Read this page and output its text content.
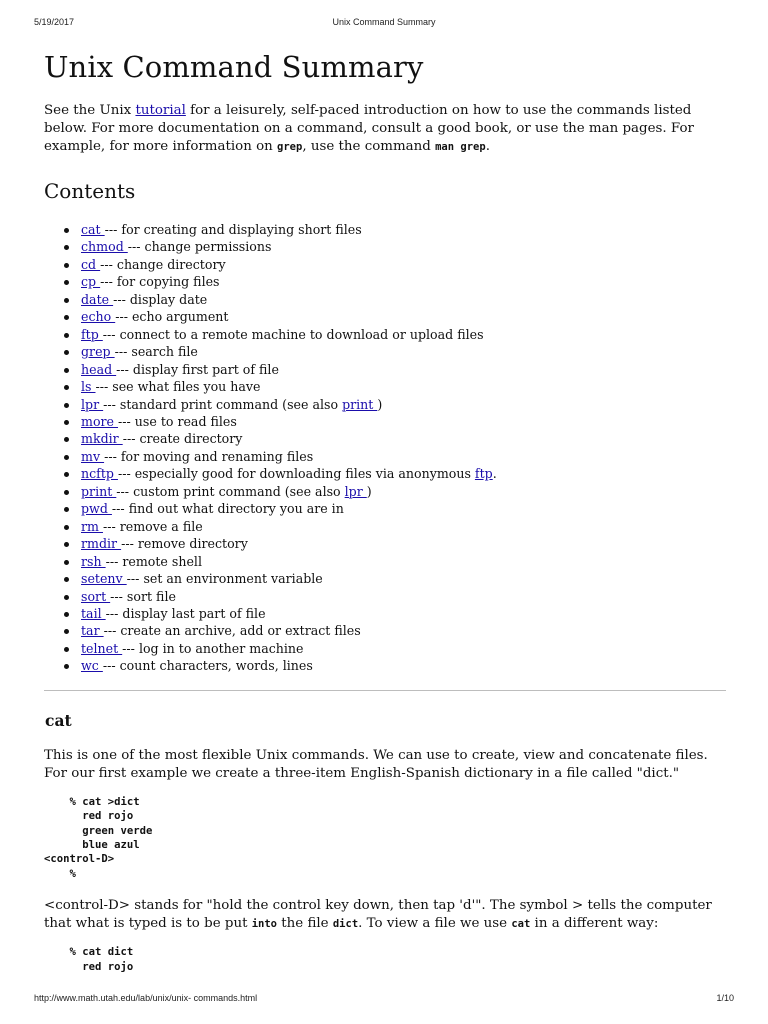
5/19/2017	Unix Command Summary
Unix Command Summary

See the Unix tutorial for a leisurely, self-paced introduction on how to use the commands listed below. For more documentation on a command, consult a good book, or use the man pages. For example, for more information on grep, use the command man grep.

Contents
cat --- for creating and displaying short files
chmod --- change permissions
cd --- change directory
cp --- for copying files
date --- display date
echo --- echo argument
ftp --- connect to a remote machine to download or upload files
grep --- search file
head --- display first part of file
ls --- see what files you have
lpr --- standard print command (see also print )
more --- use to read files
mkdir --- create directory
mv --- for moving and renaming files
ncftp --- especially good for downloading files via anonymous ftp.
print --- custom print command (see also lpr )
pwd --- find out what directory you are in
rm --- remove a file
rmdir --- remove directory
rsh --- remote shell
setenv --- set an environment variable
sort --- sort file
tail --- display last part of file
tar --- create an archive, add or extract files
telnet --- log in to another machine
wc --- count characters, words, lines
cat

This is one of the most flexible Unix commands. We can use to create, view and concatenate files. For our first example we create a three-item English-Spanish dictionary in a file called "dict."

% cat >dict
red rojo
green verde
blue azul
<control-D>
%

<control-D> stands for "hold the control key down, then tap 'd'". The symbol > tells the computer that what is typed is to be put into the file dict. To view a file we use cat in a different way:

% cat dict
red rojo
http://www.math.utah.edu/lab/unix/unix- commands.html	1/10
